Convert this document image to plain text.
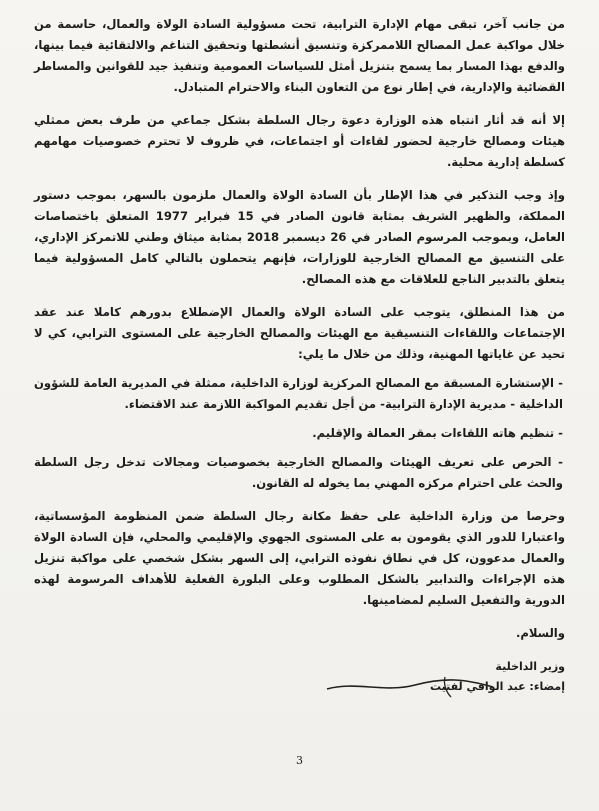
من جانب آخر، تبقى مهام الإدارة الترابية، تحت مسؤولية السادة الولاة والعمال، حاسمة من خلال مواكبة عمل المصالح اللاممركزة وتنسيق أنشطتها وتحقيق التناغم والالتقائية فيما بينها، والدفع بهذا المسار بما يسمح بتنزيل أمثل للسياسات العمومية وتنفيذ جيد للقوانين والمساطر القضائية والإدارية، في إطار نوع من التعاون البناء والاحترام المتبادل.

إلا أنه قد أثار انتباه هذه الوزارة دعوة رجال السلطة بشكل جماعي من طرف بعض ممثلي هيئات ومصالح خارجية لحضور لقاءات أو اجتماعات، في ظروف لا تحترم خصوصيات مهامهم كسلطة إدارية محلية.

وإذ وجب التذكير في هذا الإطار بأن السادة الولاة والعمال ملزمون بالسهر، بموجب دستور المملكة، والظهير الشريف بمثابة قانون الصادر في 15 فبراير 1977 المتعلق باختصاصات العامل، وبموجب المرسوم الصادر في 26 ديسمبر 2018 بمثابة ميثاق وطني للاتمركز الإداري، على التنسيق مع المصالح الخارجية للوزارات، فإنهم يتحملون بالتالي كامل المسؤولية فيما يتعلق بالتدبير الناجع للعلاقات مع هذه المصالح.

من هذا المنطلق، يتوجب على السادة الولاة والعمال الإضطلاع بدورهم كاملا عند عقد الإجتماعات واللقاءات التنسيقية مع الهيئات والمصالح الخارجية على المستوى الترابي، كي لا تحيد عن غاياتها المهنية، وذلك من خلال ما يلي:

- الإستشارة المسبقة مع المصالح المركزية لوزارة الداخلية، ممثلة في المديرية العامة للشؤون الداخلية - مديرية الإدارة الترابية- من أجل تقديم المواكبة اللازمة عند الاقتضاء.

- تنظيم هاته اللقاءات بمقر العمالة والإقليم.

- الحرص على تعريف الهيئات والمصالح الخارجية بخصوصيات ومجالات تدخل رجل السلطة والحث على احترام مركزه المهني بما يخوله له القانون.

وحرصا من وزارة الداخلية على حفظ مكانة رجال السلطة ضمن المنظومة المؤسساتية، واعتبارا للدور الذي يقومون به على المستوى الجهوي والإقليمي والمحلي، فإن السادة الولاة والعمال مدعوون، كل في نطاق نفوذه الترابي، إلى السهر بشكل شخصي على مواكبة تنزيل هذه الإجراءات والتدابير بالشكل المطلوب وعلى البلورة الفعلية للأهداف المرسومة لهذه الدورية والتفعيل السليم لمضامينها.

والسلام.

وزير الداخلية

إمضاء: عبد الوافي لفتيت

3
